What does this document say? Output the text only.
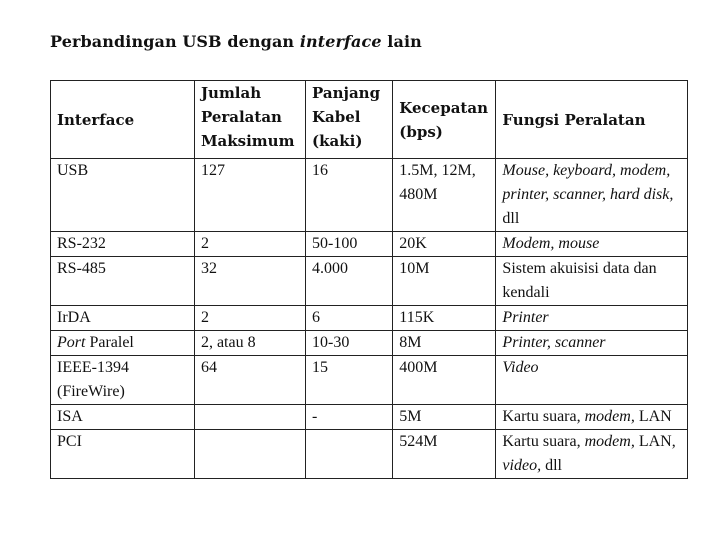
Perbandingan USB dengan interface lain
Interface	Jumlah Peralatan Maksimum	Panjang Kabel (kaki)	Kecepatan (bps)	Fungsi Peralatan
USB	127	16	1.5M, 12M, 480M	Mouse, keyboard, modem, printer, scanner, hard disk, dll
RS-232	2	50-100	20K	Modem, mouse
RS-485	32	4.000	10M	Sistem akuisisi data dan kendali
IrDA	2	6	115K	Printer
Port Paralel	2, atau 8	10-30	8M	Printer, scanner
IEEE-1394 (FireWire)	64	15	400M	Video
ISA		-	5M	Kartu suara, modem, LAN
PCI			524M	Kartu suara, modem, LAN, video, dll
